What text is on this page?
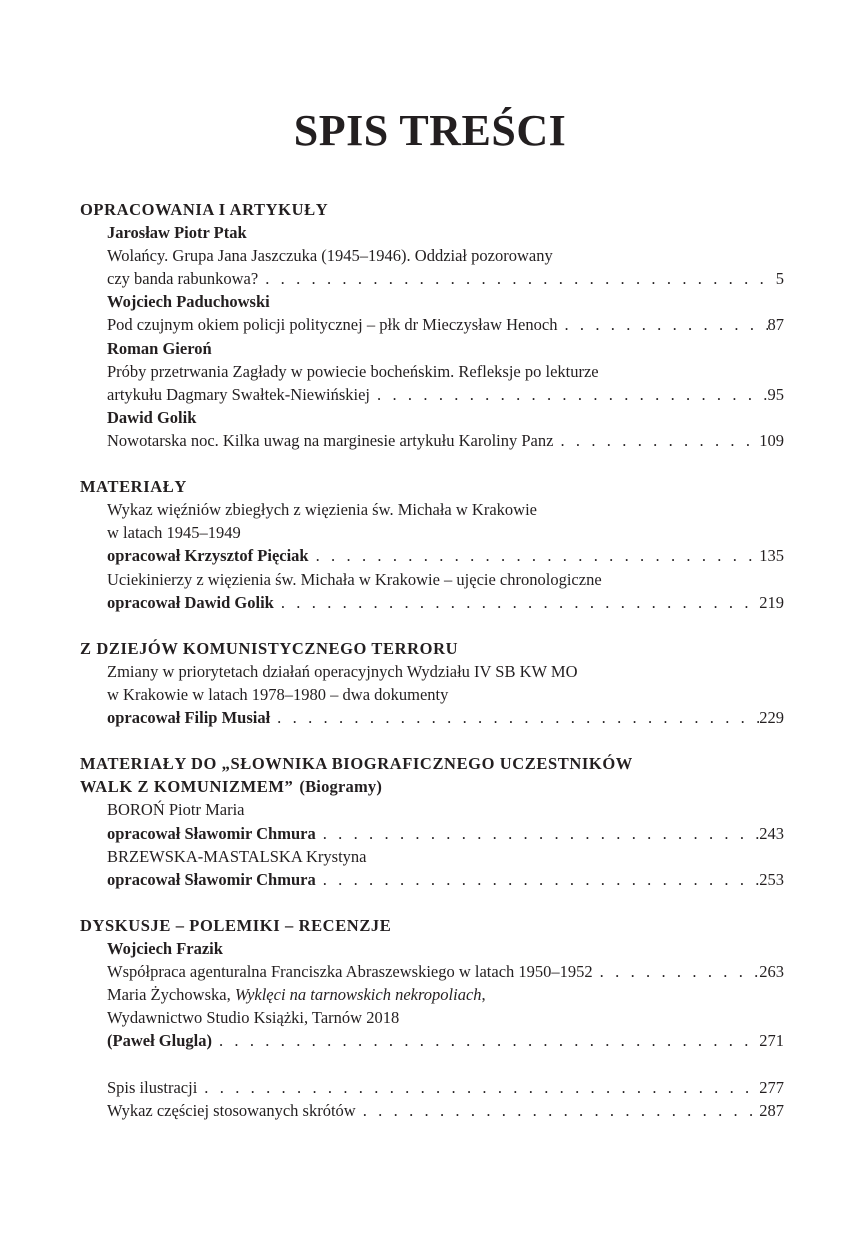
SPIS TREŚCI
OPRACOWANIA I ARTYKUŁY
Jarosław Piotr Ptak
Wolańcy. Grupa Jana Jaszczuka (1945–1946). Oddział pozorowany
czy banda rabunkowa? . . .	5
Wojciech Paduchowski
Pod czujnym okiem policji politycznej – płk dr Mieczysław Henoch . . .	87
Roman Gieroń
Próby przetrwania Zagłady w powiecie bocheńskim. Refleksje po lekturze
artykułu Dagmary Swałtek-Niewińskiej . . .	95
Dawid Golik
Nowotarska noc. Kilka uwag na marginesie artykułu Karoliny Panz . . .	109
MATERIAŁY
Wykaz więźniów zbiegłych z więzienia św. Michała w Krakowie
w latach 1945–1949
opracował Krzysztof Pięciak . . .	135
Uciekinierzy z więzienia św. Michała w Krakowie – ujęcie chronologiczne
opracował Dawid Golik . . .	219
Z DZIEJÓW KOMUNISTYCZNEGO TERRORU
Zmiany w priorytetach działań operacyjnych Wydziału IV SB KW MO
w Krakowie w latach 1978–1980 – dwa dokumenty
opracował Filip Musiał . . .	229
MATERIAŁY DO „SŁOWNIKA BIOGRAFICZNEGO UCZESTNIKÓW
WALK Z KOMUNIZMEM” (Biogramy)
BOROŃ Piotr Maria
opracował Sławomir Chmura . . .	243
BRZEWSKA-MASTALSKA Krystyna
opracował Sławomir Chmura . . .	253
DYSKUSJE – POLEMIKI – RECENZJE
Wojciech Frazik
Współpraca agenturalna Franciszka Abraszewskiego w latach 1950–1952 . . .	263
Maria Żychowska, Wyklęci na tarnowskich nekropoliach ,
Wydawnictwo Studio Książki, Tarnów 2018
(Paweł Glugla) . . .	271
Spis ilustracji . . .	277
Wykaz częściej stosowanych skrótów . . .	287
